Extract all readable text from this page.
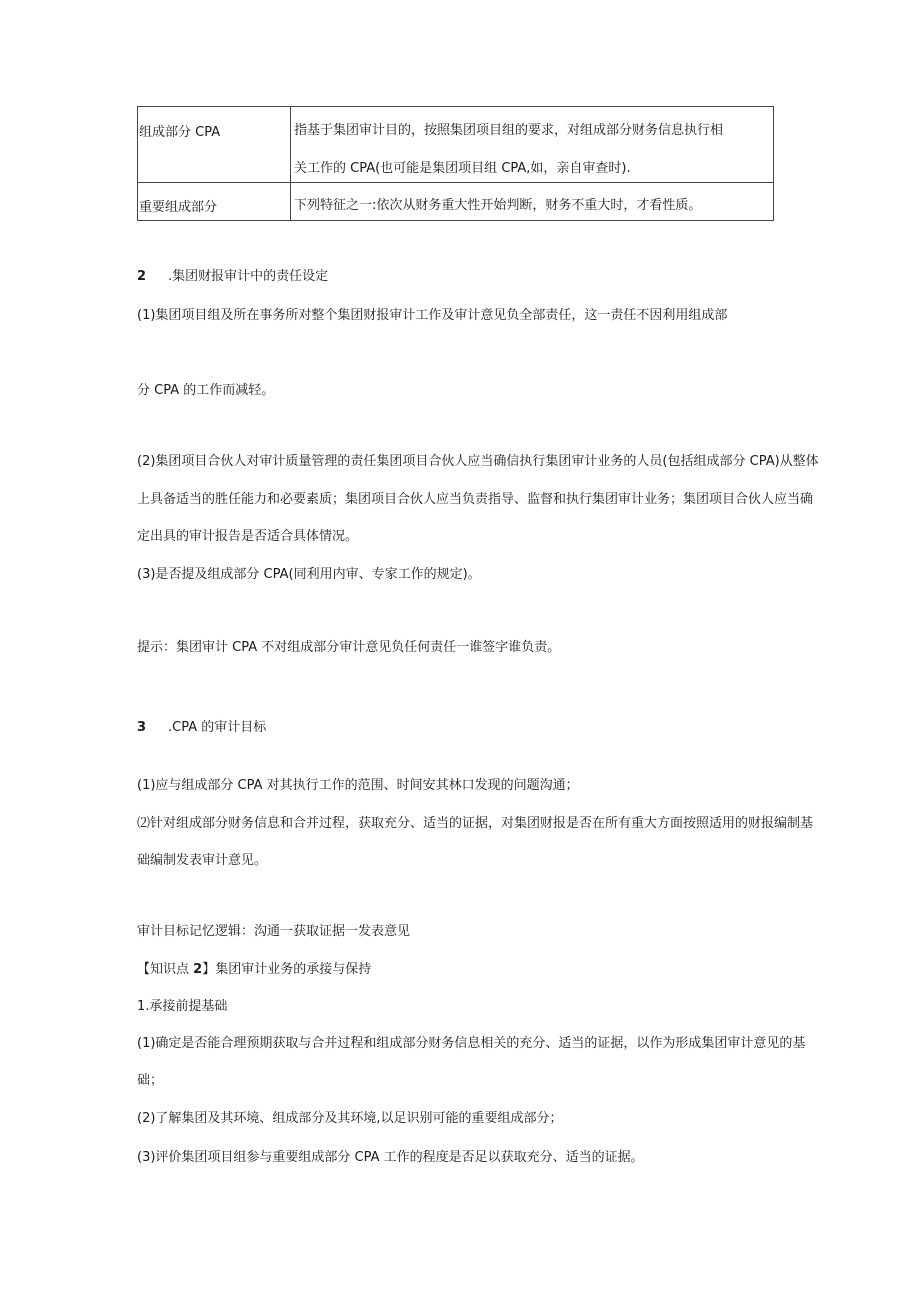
组成部分 CPA	指基于集团审计目的，按照集团项目组的要求，对组成部分财务信息执行相
关工作的 CPA(也可能是集团项目组 CPA,如，亲自审查时).

重要组成部分	下列特征之一:依次从财务重大性开始判断，财务不重大时，才看性质。
2 .集团财报审计中的责任设定
(1)集团项目组及所在事务所对整个集团财报审计工作及审计意见负全部责任，这一责任不因利用组成部
分 CPA 的工作而减轻。
(2)集团项目合伙人对审计质量管理的责任集团项目合伙人应当确信执行集团审计业务的人员(包括组成部分 CPA)从整体
上具备适当的胜任能力和必要素质；集团项目合伙人应当负责指导、监督和执行集团审计业务；集团项目合伙人应当确
定出具的审计报告是否适合具体情况。
(3)是否提及组成部分 CPA(同利用内审、专家工作的规定)。
提示：集团审计 CPA 不对组成部分审计意见负任何责任一谁签字谁负责。
3 .CPA 的审计目标
(1)应与组成部分 CPA 对其执行工作的范围、时间安其林口发现的问题沟通；
⑵针对组成部分财务信息和合并过程，获取充分、适当的证据，对集团财报是否在所有重大方面按照适用的财报编制基
础编制发表审计意见。
审计目标记忆逻辑：沟通一获取证据一发表意见
【知识点 2】集团审计业务的承接与保持
1.承接前提基础
(1)确定是否能合理预期获取与合并过程和组成部分财务信息相关的充分、适当的证据，以作为形成集团审计意见的基
础；
(2)了解集团及其环境、组成部分及其环境,以足识别可能的重要组成部分；
(3)评价集团项目组参与重要组成部分 CPA 工作的程度是否足以获取充分、适当的证据。
